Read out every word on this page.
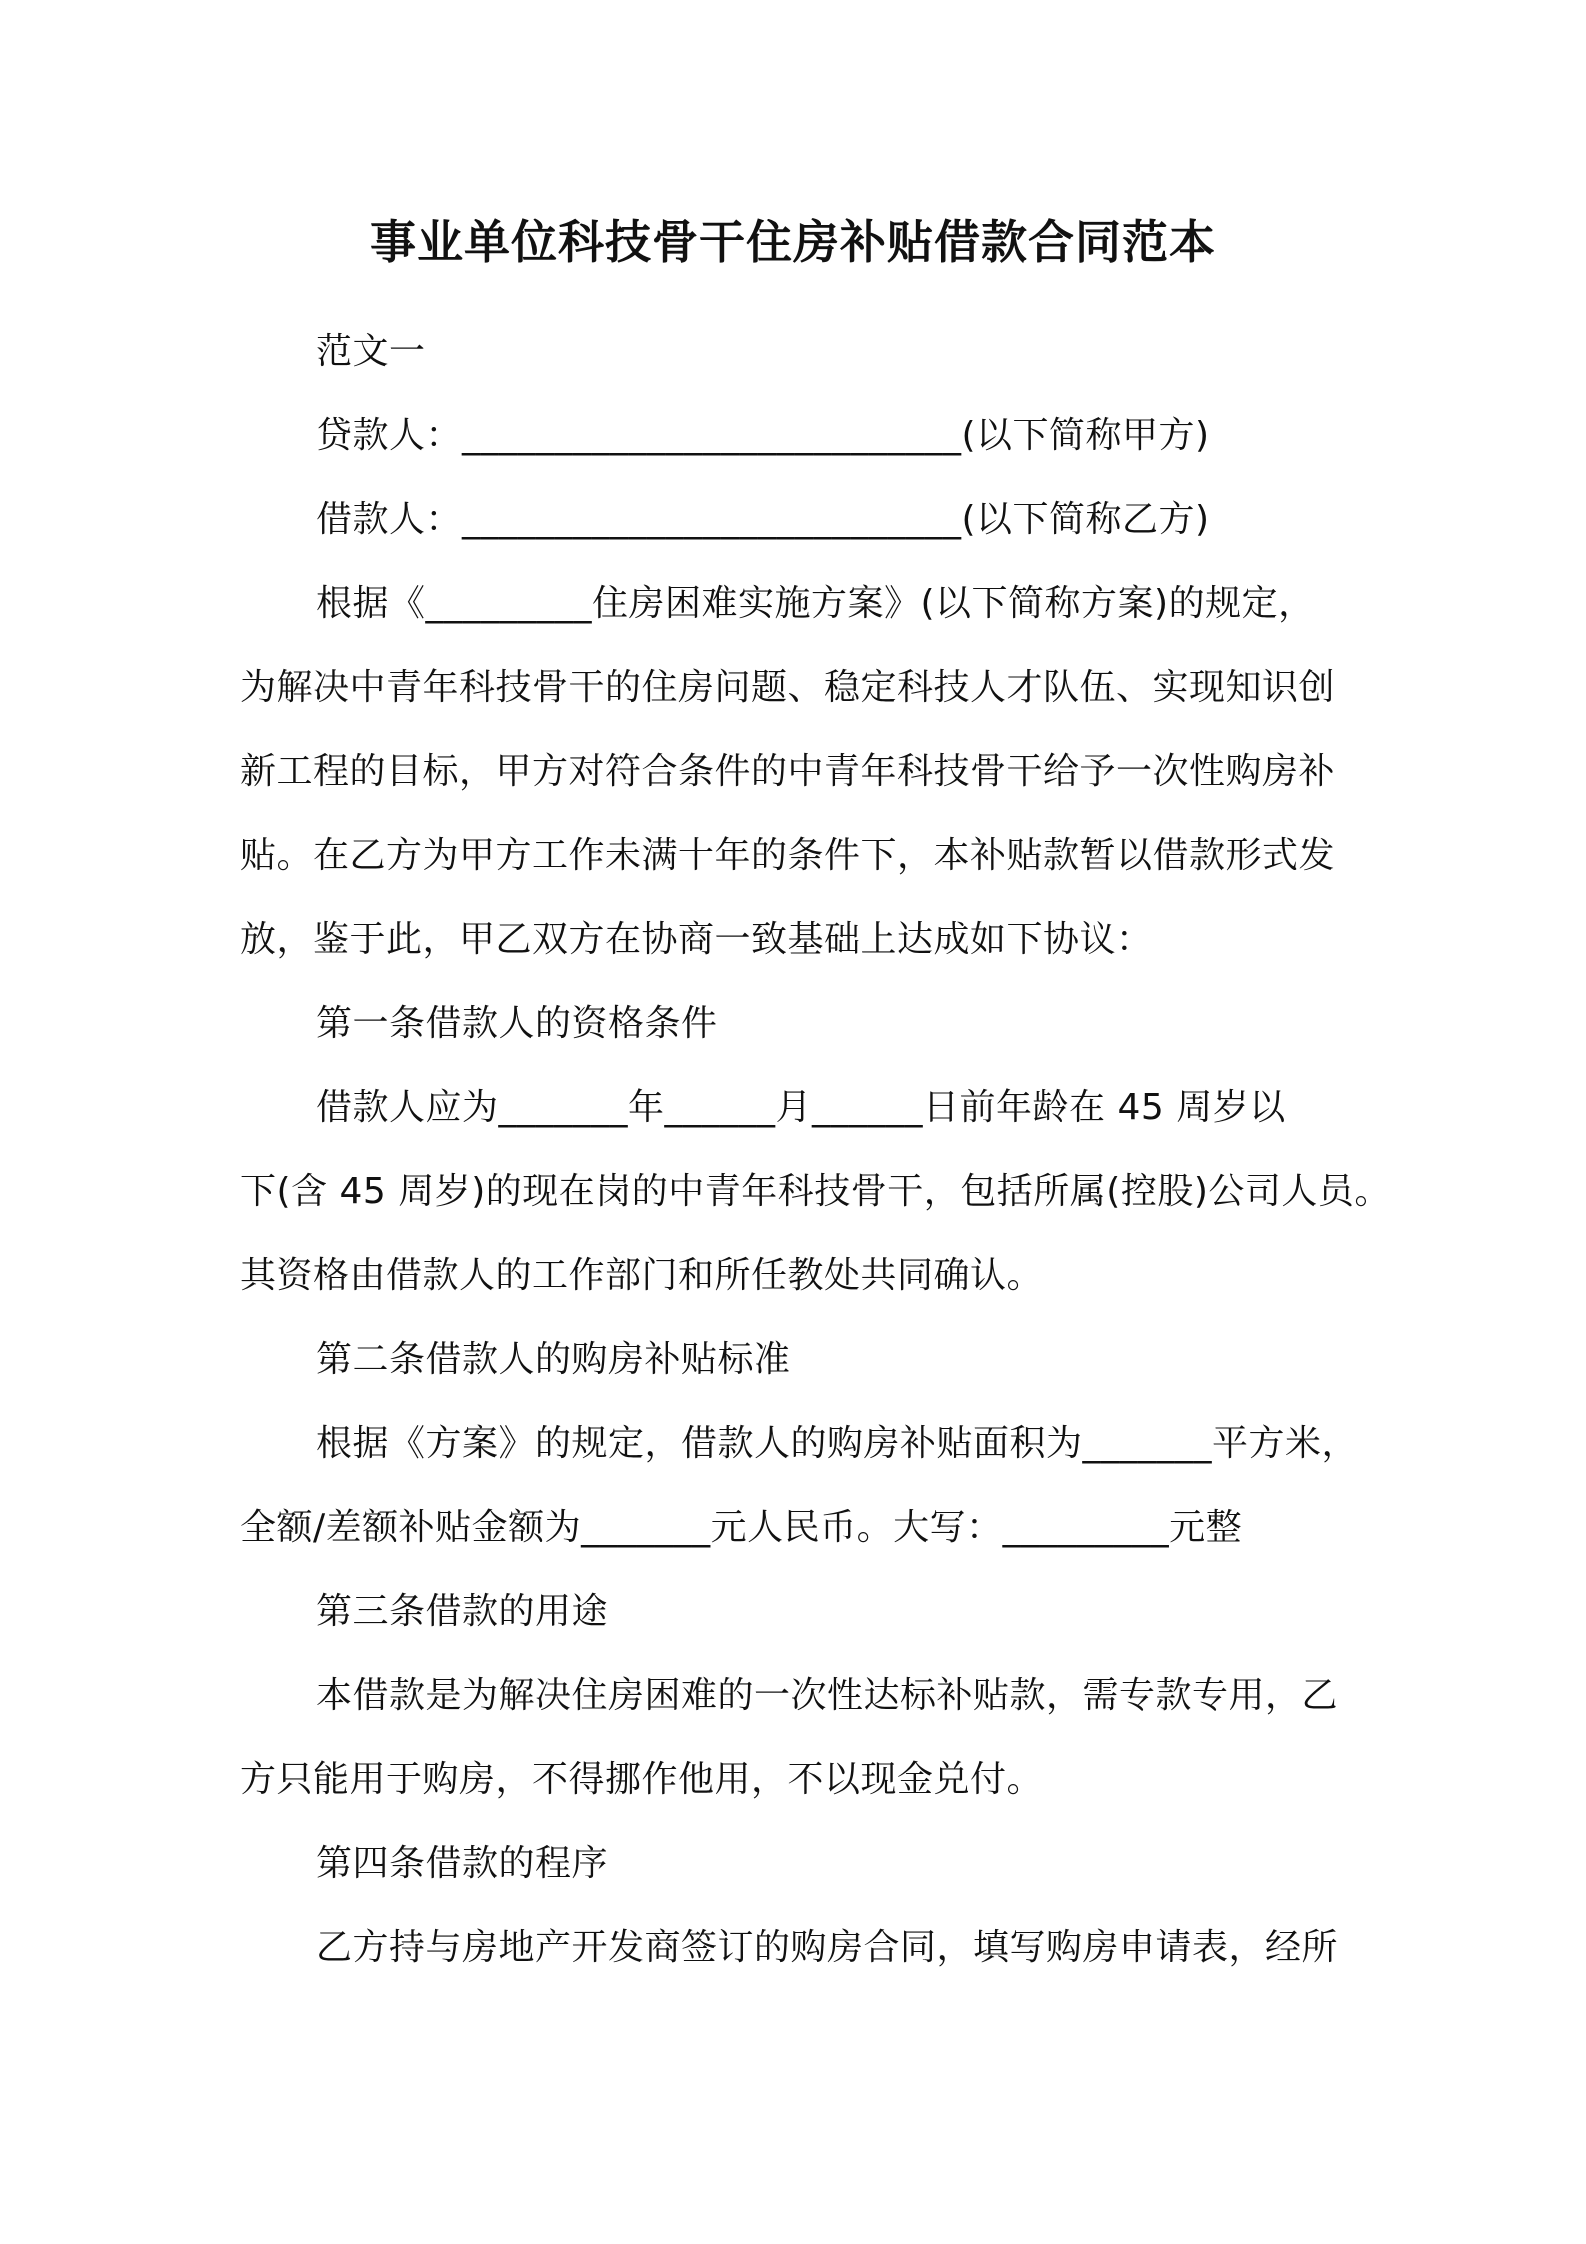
事业单位科技骨干住房补贴借款合同范本
范文一
贷款人：___________________________(以下简称甲方)
借款人：___________________________(以下简称乙方)
根据《_________住房困难实施方案》(以下简称方案)的规定，
为解决中青年科技骨干的住房问题、稳定科技人才队伍、实现知识创
新工程的目标，甲方对符合条件的中青年科技骨干给予一次性购房补
贴。在乙方为甲方工作未满十年的条件下，本补贴款暂以借款形式发
放，鉴于此，甲乙双方在协商一致基础上达成如下协议：
第一条借款人的资格条件
借款人应为_______年______月______日前年龄在 45 周岁以
下(含 45 周岁)的现在岗的中青年科技骨干，包括所属(控股)公司人员。
其资格由借款人的工作部门和所任教处共同确认。
第二条借款人的购房补贴标准
根据《方案》的规定，借款人的购房补贴面积为_______平方米，
全额/差额补贴金额为_______元人民币。大写：_________元整
第三条借款的用途
本借款是为解决住房困难的一次性达标补贴款，需专款专用，乙
方只能用于购房，不得挪作他用，不以现金兑付。
第四条借款的程序
乙方持与房地产开发商签订的购房合同，填写购房申请表，经所
